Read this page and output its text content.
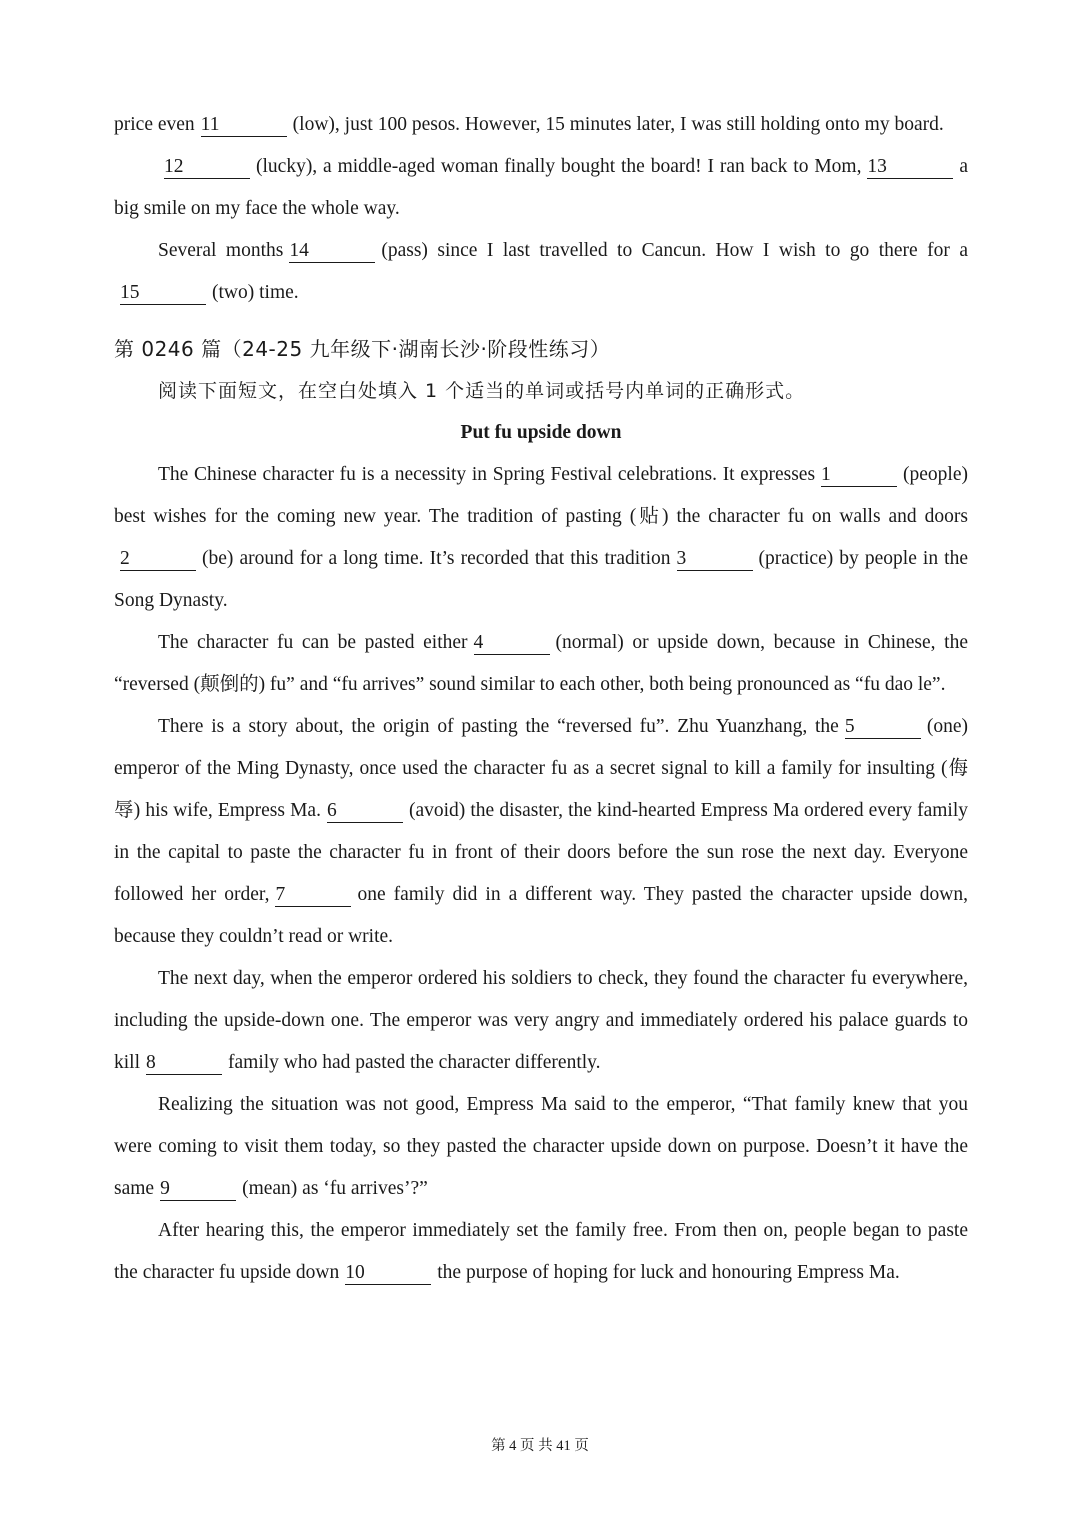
price even 11	(low), just 100 pesos. However, 15 minutes later, I was still holding onto my board.

12	(lucky), a middle-aged woman finally bought the board! I ran back to Mom, 13	a big smile on my face the whole way.

Several months 14	(pass) since I last travelled to Cancun. How I wish to go there for a15	(two) time.

第 0246 篇（24-25 九年级下·湖南长沙·阶段性练习）
阅读下面短文，在空白处填入 1 个适当的单词或括号内单词的正确形式。

Put fu upside down

The Chinese character fu is a necessity in Spring Festival celebrations. It expresses 1	(people) best wishes for the coming new year. The tradition of pasting (贴) the character fu on walls and doors2	(be) around for a long time. It’s recorded that this tradition 3	(practice) by people in the Song Dynasty.

The character fu can be pasted either 4	(normal) or upside down, because in Chinese, the “reversed (颠倒的) fu” and “fu arrives” sound similar to each other, both being pronounced as “fu dao le”.

There is a story about, the origin of pasting the “reversed fu”. Zhu Yuanzhang, the 5	(one) emperor of the Ming Dynasty, once used the character fu as a secret signal to kill a family for insulting (侮辱) his wife, Empress Ma. 6	(avoid) the disaster, the kind-hearted Empress Ma ordered every family in the capital to paste the character fu in front of their doors before the sun rose the next day. Everyone followed her order, 7	one family did in a different way. They pasted the character upside down, because they couldn’t read or write.

The next day, when the emperor ordered his soldiers to check, they found the character fu everywhere, including the upside-down one. The emperor was very angry and immediately ordered his palace guards to kill 8	family who had pasted the character differently.

Realizing the situation was not good, Empress Ma said to the emperor, “That family knew that you were coming to visit them today, so they pasted the character upside down on purpose. Doesn’t it have the same 9	(mean) as ‘fu arrives’?”

After hearing this, the emperor immediately set the family free. From then on, people began to paste the character fu upside down 10	the purpose of hoping for luck and honouring Empress Ma.

第 4 页 共 41 页
